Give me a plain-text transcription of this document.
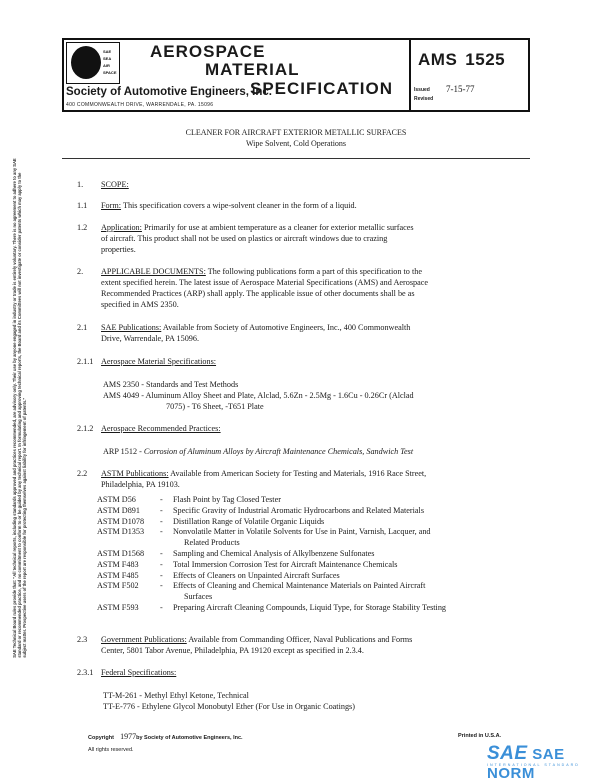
SAE
SEA
AIR
SPACE
AEROSPACE
MATERIAL
Society of Automotive Engineers, Inc.
SPECIFICATION
400 COMMONWEALTH DRIVE, WARRENDALE, PA. 15096
AMS 1525
Issued 7-15-77
Revised
CLEANER FOR AIRCRAFT EXTERIOR METALLIC SURFACES
Wipe Solvent, Cold Operations
1. SCOPE:
1.1 Form: This specification covers a wipe-solvent cleaner in the form of a liquid.
1.2 Application: Primarily for use at ambient temperature as a cleaner for exterior metallic surfaces
of aircraft. This product shall not be used on plastics or aircraft windows due to crazing
properties.
2. APPLICABLE DOCUMENTS: The following publications form a part of this specification to the
extent specified herein. The latest issue of Aerospace Material Specifications (AMS) and Aerospace
Recommended Practices (ARP) shall apply. The applicable issue of other documents shall be as
specified in AMS 2350.
2.1 SAE Publications: Available from Society of Automotive Engineers, Inc., 400 Commonwealth
Drive, Warrendale, PA 15096.
2.1.1 Aerospace Material Specifications:
AMS 2350 - Standards and Test Methods
AMS 4049 - Aluminum Alloy Sheet and Plate, Alclad, 5.6Zn - 2.5Mg - 1.6Cu - 0.26Cr (Alclad
7075) - T6 Sheet, -T651 Plate
2.1.2 Aerospace Recommended Practices:
ARP 1512 - Corrosion of Aluminum Alloys by Aircraft Maintenance Chemicals, Sandwich Test
2.2 ASTM Publications: Available from American Society for Testing and Materials, 1916 Race Street,
Philadelphia, PA 19103.
ASTM D56	- Flash Point by Tag Closed Tester
ASTM D891 - Specific Gravity of Industrial Aromatic Hydrocarbons and Related Materials
ASTM D1078 - Distillation Range of Volatile Organic Liquids
ASTM D1353 - Nonvolatile Matter in Volatile Solvents for Use in Paint, Varnish, Lacquer, and
Related Products
ASTM D1568 - Sampling and Chemical Analysis of Alkylbenzene Sulfonates
ASTM F483	- Total Immersion Corrosion Test for Aircraft Maintenance Chemicals
ASTM F485	- Effects of Cleaners on Unpainted Aircraft Surfaces
ASTM F502	- Effects of Cleaning and Chemical Maintenance Materials on Painted Aircraft
Surfaces
ASTM F593	- Preparing Aircraft Cleaning Compounds, Liquid Type, for Storage Stability Testing
2.3 Government Publications: Available from Commanding Officer, Naval Publications and Forms
Center, 5801 Tabor Avenue, Philadelphia, PA 19120 except as specified in 2.3.4.
2.3.1 Federal Specifications:
TT-M-261 - Methyl Ethyl Ketone, Technical
TT-E-776 - Ethylene Glycol Monobutyl Ether (For Use in Organic Coatings)
SAE Technical Board rules provide that: "All technical reports, including standards approved and practices recommended, are advisory only. Their use by anyone engaged in industry or trade is entirely voluntary. There is no agreement to adhere to any SAE standard or recommended practice, and no commitment to conform to or be guided by any technical report. In formulating and approving technical reports, the Board and its Committees will not investigate or consider patents which may apply to the subject matter. Prospective users of the report are responsible for protecting themselves against liability for infringement of patents."
Copyright 1977by Society of Automotive Engineers, Inc.
All rights reserved.
Printed in U.S.A.
SAE SAE NORM
INTERNATIONAL STANDARD
